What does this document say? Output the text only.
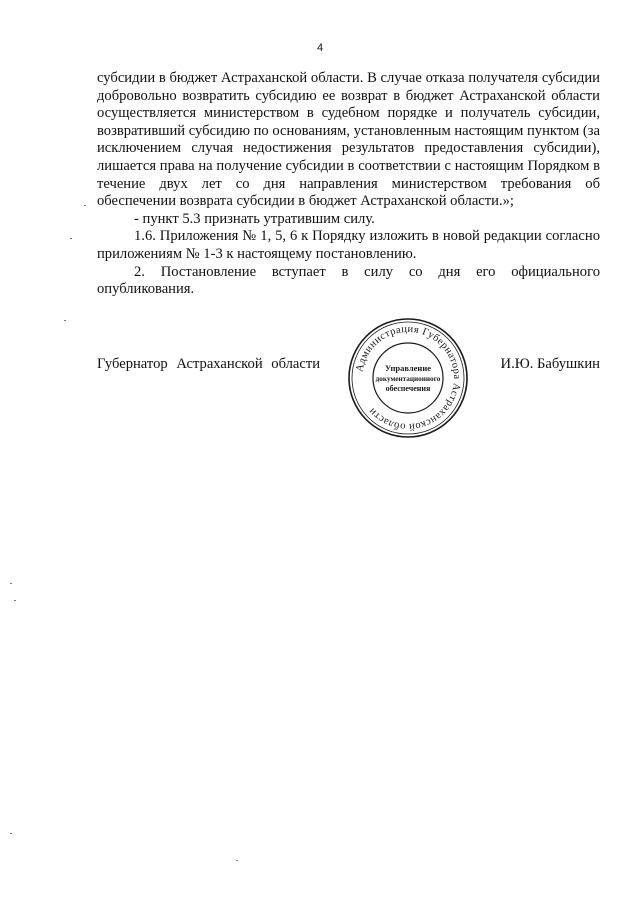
4

субсидии в бюджет Астраханской области. В случае отказа получателя субсидии добровольно возвратить субсидию ее возврат в бюджет Астраханской области осуществляется министерством в судебном порядке и получатель субсидии, возвративший субсидию по основаниям, установленным настоящим пунктом (за исключением случая недостижения результатов предоставления субсидии), лишается права на получение субсидии в соответствии с настоящим Порядком в течение двух лет со дня направления министерством требования об обеспечении возврата субсидии в бюджет Астраханской области.»;

- пункт 5.3 признать утратившим силу.

1.6. Приложения № 1, 5, 6 к Порядку изложить в новой редакции согласно приложениям № 1-3 к настоящему постановлению.

2. Постановление вступает в силу со дня его официального опубликования.

Губернатор Астраханской области	И.Ю. Бабушкин
Администрация Губернатора Астраханской области
Управление
документационного
обеспечения
